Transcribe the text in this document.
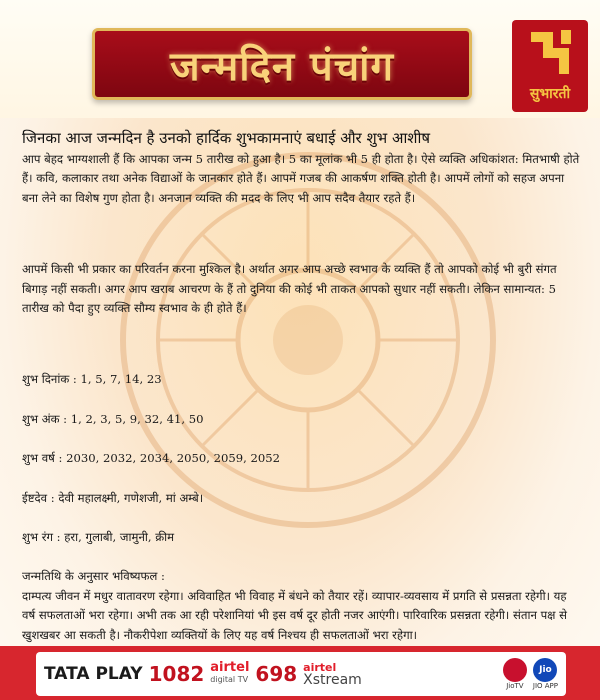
जन्मदिन पंचांग
सुभारती
जिनका आज जन्मदिन है उनको हार्दिक शुभकामनाएं बधाई और शुभ आशीष
आप बेहद भाग्यशाली हैं कि आपका जन्म 5 तारीख को हुआ है। 5 का मूलांक भी 5 ही होता है। ऐसे व्यक्ति अधिकांशत: मितभाषी होते हैं। कवि, कलाकार तथा अनेक विद्याओं के जानकार होते हैं। आपमें गजब की आकर्षण शक्ति होती है। आपमें लोगों को सहज अपना बना लेने का विशेष गुण होता है। अनजान व्यक्ति की मदद के लिए भी आप सदैव तैयार रहते हैं।
आपमें किसी भी प्रकार का परिवर्तन करना मुश्किल है। अर्थात अगर आप अच्छे स्वभाव के व्यक्ति हैं तो आपको कोई भी बुरी संगत बिगाड़ नहीं सकती। अगर आप खराब आचरण के हैं तो दुनिया की कोई भी ताकत आपको सुधार नहीं सकती। लेकिन सामान्यत: 5 तारीख को पैदा हुए व्यक्ति सौम्य स्वभाव के ही होते हैं।
शुभ दिनांक : 1, 5, 7, 14, 23
शुभ अंक : 1, 2, 3, 5, 9, 32, 41, 50
शुभ वर्ष : 2030, 2032, 2034, 2050, 2059, 2052
ईष्टदेव : देवी महालक्ष्मी, गणेशजी, मां अम्बे।
शुभ रंग : हरा, गुलाबी, जामुनी, क्रीम
जन्मतिथि के अनुसार भविष्यफल :
दाम्पत्य जीवन में मधुर वातावरण रहेगा। अविवाहित भी विवाह में बंधने को तैयार रहें। व्यापार-व्यवसाय में प्रगति से प्रसन्नता रहेगी। यह वर्ष सफलताओं भरा रहेगा। अभी तक आ रही परेशानियां भी इस वर्ष दूर होती नजर आएंगी। पारिवारिक प्रसन्नता रहेगी। संतान पक्ष से खुशखबर आ सकती है। नौकरीपेशा व्यक्तियों के लिए यह वर्ष निश्चय ही सफलताओं भरा रहेगा।
TATA PLAY 1082 airtel
digital TV 698 airtel
Xstream	JioTV
Jio
JIO APP
